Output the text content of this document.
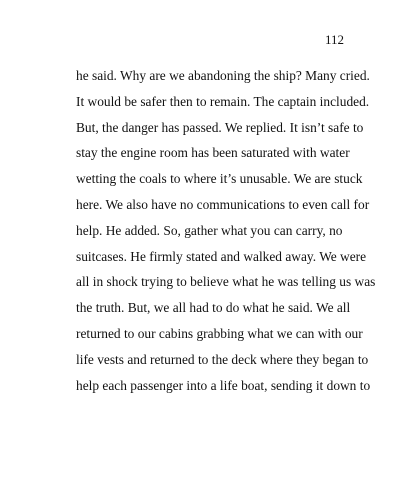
112
he said. Why are we abandoning the ship? Many cried.
It would be safer then to remain. The captain included.
But, the danger has passed. We replied. It isn’t safe to
stay the engine room has been saturated with water
wetting the coals to where it’s unusable. We are stuck
here. We also have no communications to even call for
help. He added. So, gather what you can carry, no
suitcases. He firmly stated and walked away. We were
all in shock trying to believe what he was telling us was
the truth. But, we all had to do what he said. We all
returned to our cabins grabbing what we can with our
life vests and returned to the deck where they began to
help each passenger into a life boat, sending it down to
